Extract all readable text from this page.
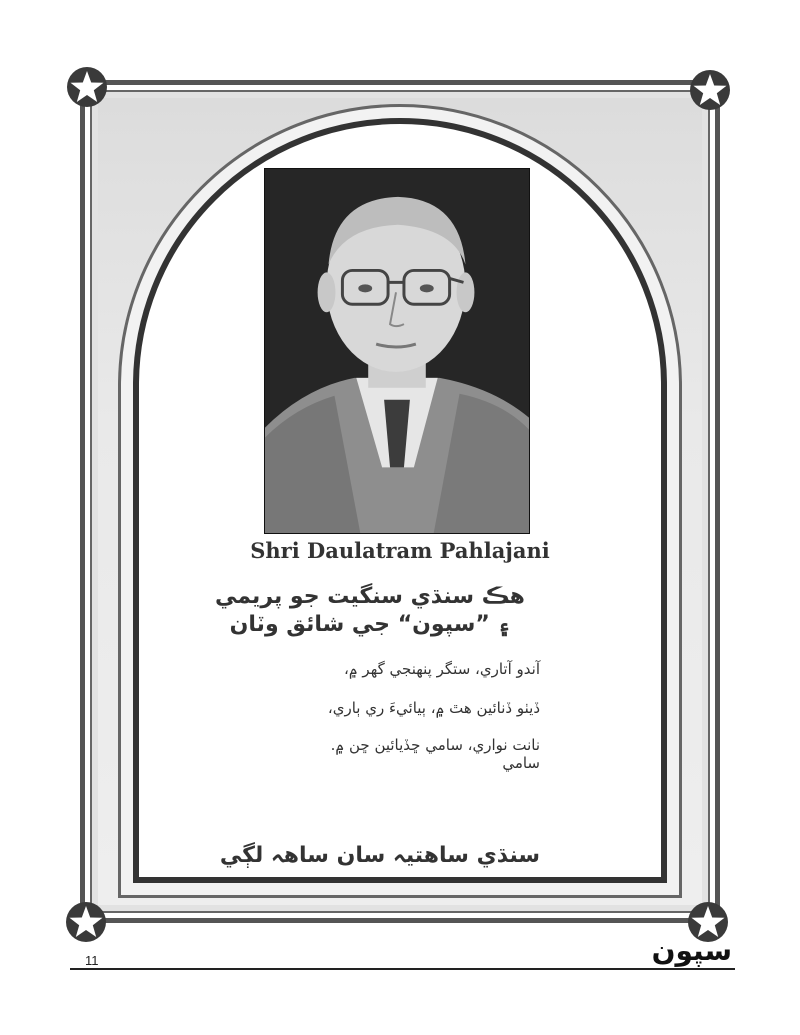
Shri Daulatram Pahlajani
هڪ سنڌي سنگيت جو پريمي
۽ ”سپون“ جي شائق وٽان
آندو آتاري، ستگر پنهنجي گهر ۾،
ڏيٺو ڏنائين هٿ ۾، ٻيائيءَ ري ٻاري،
نانت نواري، سامي ڇڏيائين ڇن ۾.
سامي
سنڌي ساهتيہ سان ساهہ لڳي
11	سپون
